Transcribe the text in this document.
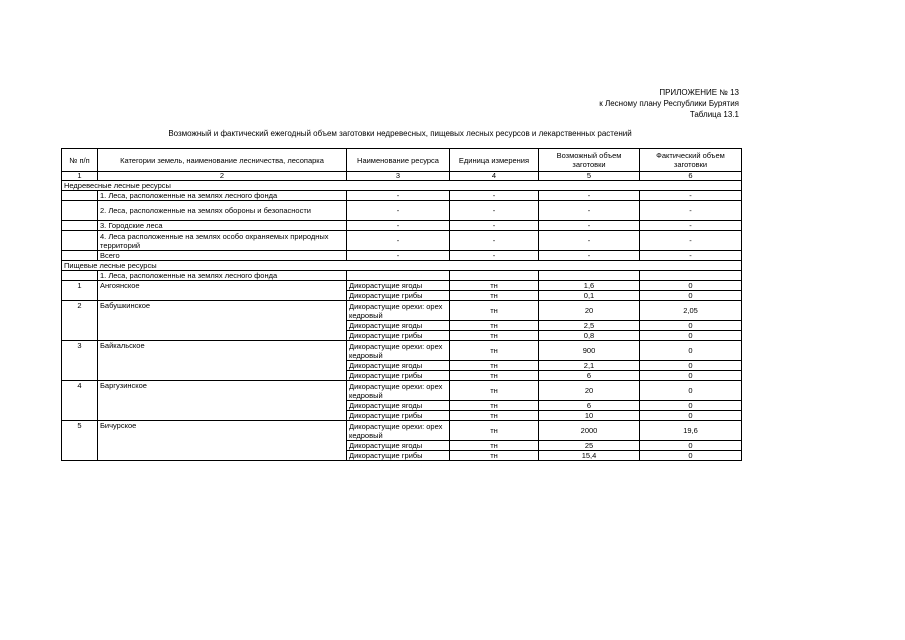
ПРИЛОЖЕНИЕ № 13
к Лесному плану Республики Бурятия
Таблица 13.1
Возможный и фактический ежегодный объем заготовки недревесных, пищевых лесных ресурсов и лекарственных растений
№ п/п	Категории земель, наименование лесничества, лесопарка	Наименование ресурса	Единица измерения	Возможный объем заготовки	Фактический объем заготовки
1	2	3	4	5	6
Недревесные лесные ресурсы					
	1. Леса, расположенные на землях лесного фонда	-	-	-	-
	2. Леса, расположенные на землях обороны и безопасности	-	-	-	-
	3. Городские леса	-	-	-	-
	4. Леса расположенные на землях особо охраняемых природных территорий	-	-	-	-
	Всего	-	-	-	-
Пищевые лесные ресурсы					
	1. Леса, расположенные на землях лесного фонда				
1	Ангоянское	Дикорастущие ягоды	тн	1,6	0
		Дикорастущие грибы	тн	0,1	0
2	Бабушкинское	Дикорастущие орехи: орех кедровый	тн	20	2,05
		Дикорастущие ягоды	тн	2,5	0
		Дикорастущие грибы	тн	0,8	0
3	Байкальское	Дикорастущие орехи: орех кедровый	тн	900	0
		Дикорастущие ягоды	тн	2,1	0
		Дикорастущие грибы	тн	6	0
4	Баргузинское	Дикорастущие орехи: орех кедровый	тн	20	0
		Дикорастущие ягоды	тн	6	0
		Дикорастущие грибы	тн	10	0
5	Бичурское	Дикорастущие орехи: орех кедровый	тн	2000	19,6
		Дикорастущие ягоды	тн	25	0
		Дикорастущие грибы	тн	15,4	0
